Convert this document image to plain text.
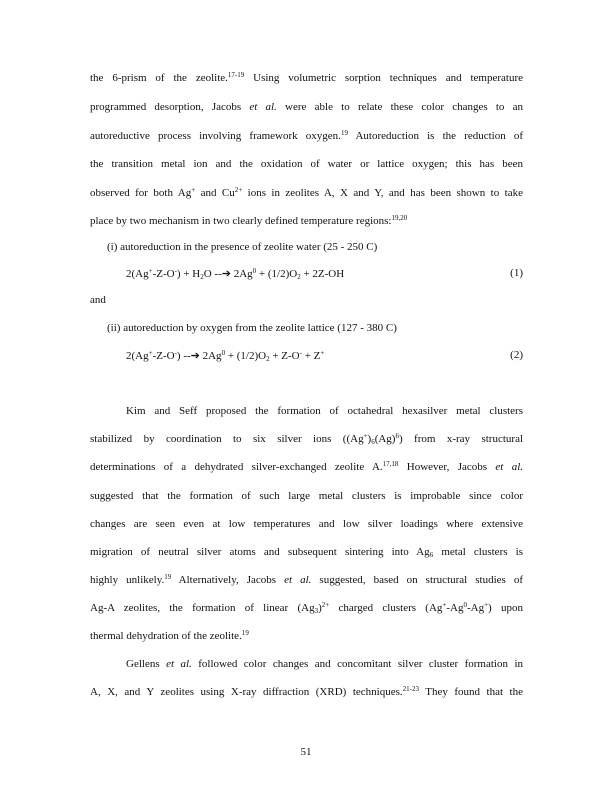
the 6-prism of the zeolite.$^{17-19}$ Using volumetric sorption techniques and temperature
programmed desorption, Jacobs et al. were able to relate these color changes to an
autoreductive process involving framework oxygen.$^{19}$ Autoreduction is the reduction of
the transition metal ion and the oxidation of water or lattice oxygen; this has been
observed for both Ag+ and $Cu^{2+}$ ions in zeolites A, X and Y, and has been shown to take
place by two mechanism in two clearly defined temperature regions:$^{19,20}$
(i) autoreduction in the presence of zeolite water (25 - 250 C)
$2(Ag^+-Z-O^-) + H_2O$ --➔ $2Ag^0 + (1/2)O_2 + 2Z-OH$	(1)
and
(ii) autoreduction by oxygen from the zeolite lattice (127 - 380 C)
2(Ag+-Z-O-) --➔ $2Ag^0 + (1/2)O_2 + Z-O^- + Z^+$	(2)
Kim and Seff proposed the formation of octahedral hexasilver metal clusters
stabilized by coordination to six silver ions $((Ag^+)_6(Ag)^6)$ from x-ray structural
determinations of a dehydrated silver-exchanged zeolite A.$^{17,18}$ However, Jacobs et al.
suggested that the formation of such large metal clusters is improbable since color
changes are seen even at low temperatures and low silver loadings where extensive
migration of neutral silver atoms and subsequent sintering into $Ag_6$ metal clusters is
highly unlikely.$^{19}$ Alternatively, Jacobs et al. suggested, based on structural studies of
Ag-A zeolites, the formation of linear $(Ag_3)^{2+}$ charged clusters (Ag+-Ag$^0$-Ag+) upon
thermal dehydration of the zeolite.$^{19}$
Gellens et al. followed color changes and concomitant silver cluster formation in
A, X, and Y zeolites using X-ray diffraction (XRD) techniques.$^{21-23}$ They found that the
51
